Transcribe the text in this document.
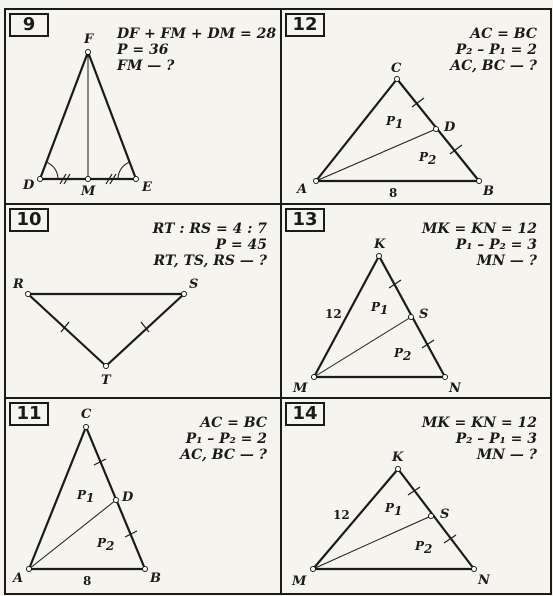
9	DF + FM + DM = 28
P = 36
FM — ?
F
D	M	E
12	AC = BC
P₂ – P₁ = 2
AC, BC — ?
C
A	B
D
8
P1
P2
10	RT : RS = 4 : 7
P = 45
RT, TS, RS — ?
R	S
T
13	MK = KN = 12
P₁ – P₂ = 3
MN — ?
K
M	N
S
12 P1
P2
11	AC = BC
P₁ – P₂ = 2
AC, BC — ?
C
A	B
D
8
P1
P2
14	MK = KN = 12
P₂ – P₁ = 3
MN — ?
K
M	N
S
12	P1
P2
